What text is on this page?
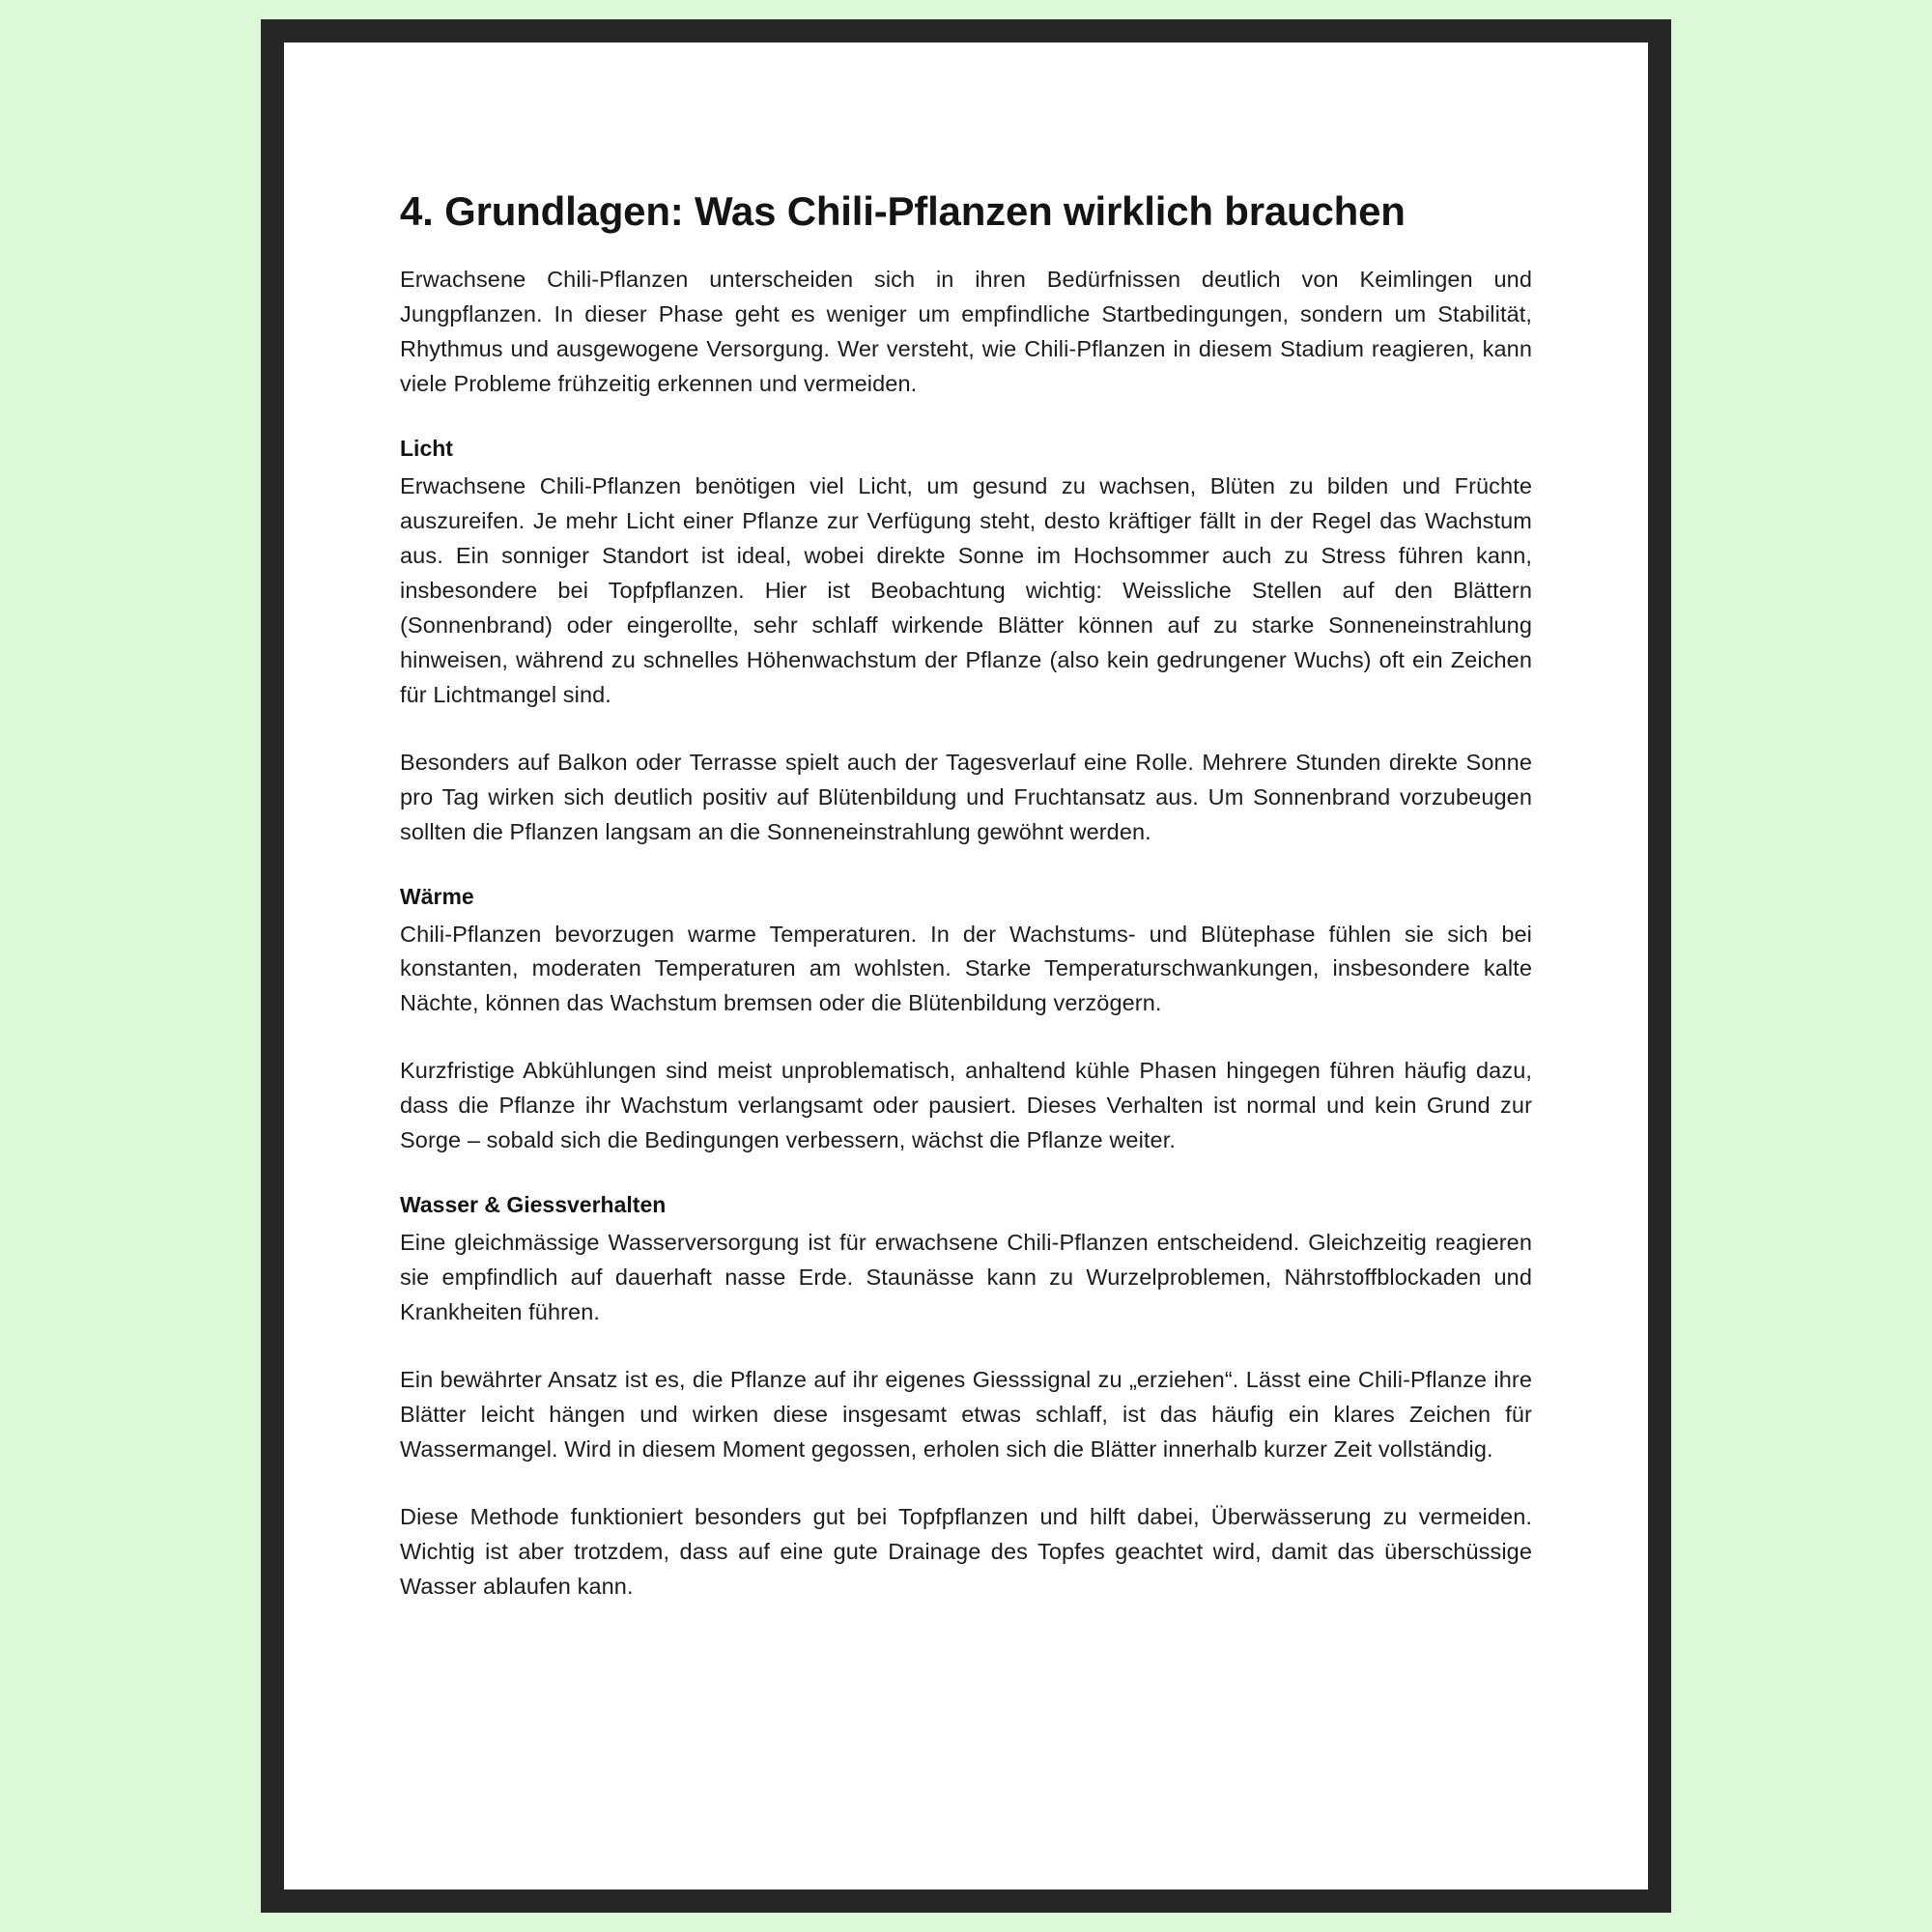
4. Grundlagen: Was Chili-Pflanzen wirklich brauchen

Erwachsene Chili-Pflanzen unterscheiden sich in ihren Bedürfnissen deutlich von Keimlingen und Jungpflanzen. In dieser Phase geht es weniger um empfindliche Startbedingungen, sondern um Stabilität, Rhythmus und ausgewogene Versorgung. Wer versteht, wie Chili-Pflanzen in diesem Stadium reagieren, kann viele Probleme frühzeitig erkennen und vermeiden.

Licht

Erwachsene Chili-Pflanzen benötigen viel Licht, um gesund zu wachsen, Blüten zu bilden und Früchte auszureifen. Je mehr Licht einer Pflanze zur Verfügung steht, desto kräftiger fällt in der Regel das Wachstum aus. Ein sonniger Standort ist ideal, wobei direkte Sonne im Hochsommer auch zu Stress führen kann, insbesondere bei Topfpflanzen. Hier ist Beobachtung wichtig: Weissliche Stellen auf den Blättern (Sonnenbrand) oder eingerollte, sehr schlaff wirkende Blätter können auf zu starke Sonneneinstrahlung hinweisen, während zu schnelles Höhenwachstum der Pflanze (also kein gedrungener Wuchs) oft ein Zeichen für Lichtmangel sind.

Besonders auf Balkon oder Terrasse spielt auch der Tagesverlauf eine Rolle. Mehrere Stunden direkte Sonne pro Tag wirken sich deutlich positiv auf Blütenbildung und Fruchtansatz aus. Um Sonnenbrand vorzubeugen sollten die Pflanzen langsam an die Sonneneinstrahlung gewöhnt werden.

Wärme

Chili-Pflanzen bevorzugen warme Temperaturen. In der Wachstums- und Blütephase fühlen sie sich bei konstanten, moderaten Temperaturen am wohlsten. Starke Temperaturschwankungen, insbesondere kalte Nächte, können das Wachstum bremsen oder die Blütenbildung verzögern.

Kurzfristige Abkühlungen sind meist unproblematisch, anhaltend kühle Phasen hingegen führen häufig dazu, dass die Pflanze ihr Wachstum verlangsamt oder pausiert. Dieses Verhalten ist normal und kein Grund zur Sorge – sobald sich die Bedingungen verbessern, wächst die Pflanze weiter.

Wasser & Giessverhalten

Eine gleichmässige Wasserversorgung ist für erwachsene Chili-Pflanzen entscheidend. Gleichzeitig reagieren sie empfindlich auf dauerhaft nasse Erde. Staunässe kann zu Wurzelproblemen, Nährstoffblockaden und Krankheiten führen.

Ein bewährter Ansatz ist es, die Pflanze auf ihr eigenes Giesssignal zu „erziehen“. Lässt eine Chili-Pflanze ihre Blätter leicht hängen und wirken diese insgesamt etwas schlaff, ist das häufig ein klares Zeichen für Wassermangel. Wird in diesem Moment gegossen, erholen sich die Blätter innerhalb kurzer Zeit vollständig.

Diese Methode funktioniert besonders gut bei Topfpflanzen und hilft dabei, Überwässerung zu vermeiden. Wichtig ist aber trotzdem, dass auf eine gute Drainage des Topfes geachtet wird, damit das überschüssige Wasser ablaufen kann.
